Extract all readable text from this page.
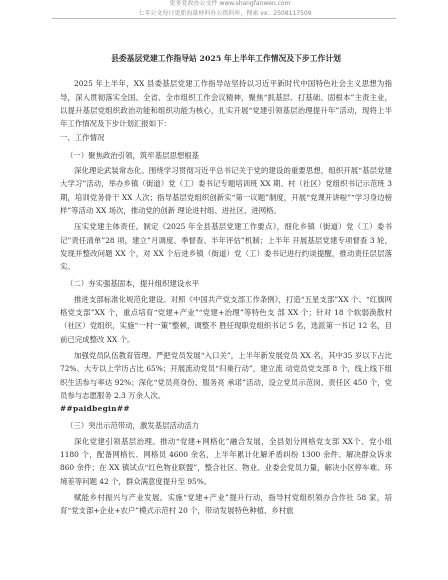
更多党政办公文件 www.shangfanwen.com
七零公文每日更新海量材料办公资料库，搜索 vx：2508117509
县委基层党建工作指导站 2025 年上半年工作情况及下步工作计划

2025 年上半年，XX 县委基层党建工作指导站坚持以习近平新时代中国特色社会主义思想为指导，深入贯彻落实全国、全省、全市组织工作会议精神，聚焦“抓基层、打基础、固根本”主责主业，以提升基层党组织政治功能和组织功能为核心，扎实开展“党建引领基层治理提升年”活动，现将上半年工作情况及下步计划汇报如下：

一、工作情况

（一）聚焦政治引领，筑牢基层思想根基

深化理论武装常态化。围绕学习贯彻习近平总书记关于党的建设的重要思想，组织开展“基层党建大学习”活动，举办乡镇（街道）党（工）委书记专题培训班 XX 期、村（社区）党组织书记示范班 3 期，培训党务骨干 XX 人次；指导基层党组织创新实“第一议题”制度，开展“党课开讲啦”“学习身边榜样”等活动 XX 场次，推动党的创新 理论进村组、进社区、进网格。

压实党建主体责任。制定《2025 年全县基层党建工作要点》，细化乡镇（街道）党（工）委书记”责任清单”28 项，建立”月调度、季督查、半年评估”机制；上半年 开展基层党建专项督查 3 轮，发现并整改问题 XX 个，对 XX 个后进乡镇（街道）党（工）委书记进行约谈提醒，推动责任层层落实。

（二）夯实强基固本，提升组织建设水平

推进支部标准化规范化建设。对照《中国共产党支部工作条例》，打造“五星支部”XX 个、“红旗网格党支部”XX 个，重点培育“党建+产业”“党建+治理”等特色支 部 XX 个；针对 18 个软弱涣散村（社区）党组织，实施“一村一策”整顿，调整不 胜任现职党组织书记 5 名，选派第一书记 12 名，目前已完成整改 XX 个。

加强党员队伍教育管理。严把党员发展“入口关”，上半年新发展党员 XX 名，其中35 岁以下占比 72%、大专以上学历占比 65%；开展流动党员“归巢行动”，建立流 动党员党支部 8 个，线上线下组织生活参与率达 92%；深化“党员亮身份、服务亮 承诺”活动，设立党员示范岗、责任区 450 个，党员参与志愿服务 2.3 万余人次。

##paidbegin##

（三）突出示范带动，激发基层活动活力

深化党建引领基层治理。推动“党建+网格化”融合发展，全县划分网格党支部 XX个、党小组 1180 个，配备网格长、网格员 4600 余名，上半年累计化解矛盾纠纷 1300 余件、解决群众诉求 860 余件；在 XX 镇试点“红色物业联盟”，整合社区、物业、业委会党员力量，解决小区停车难、环境差等问题 42 个，群众满意度提升至 95%。

赋能乡村振兴与产业发展。实施“党建+产业”提升行动，指导村党组织领办合作社 58 家，培育“党支部+企业+农户”模式示范村 20 个，带动发展特色种植、乡村旅
